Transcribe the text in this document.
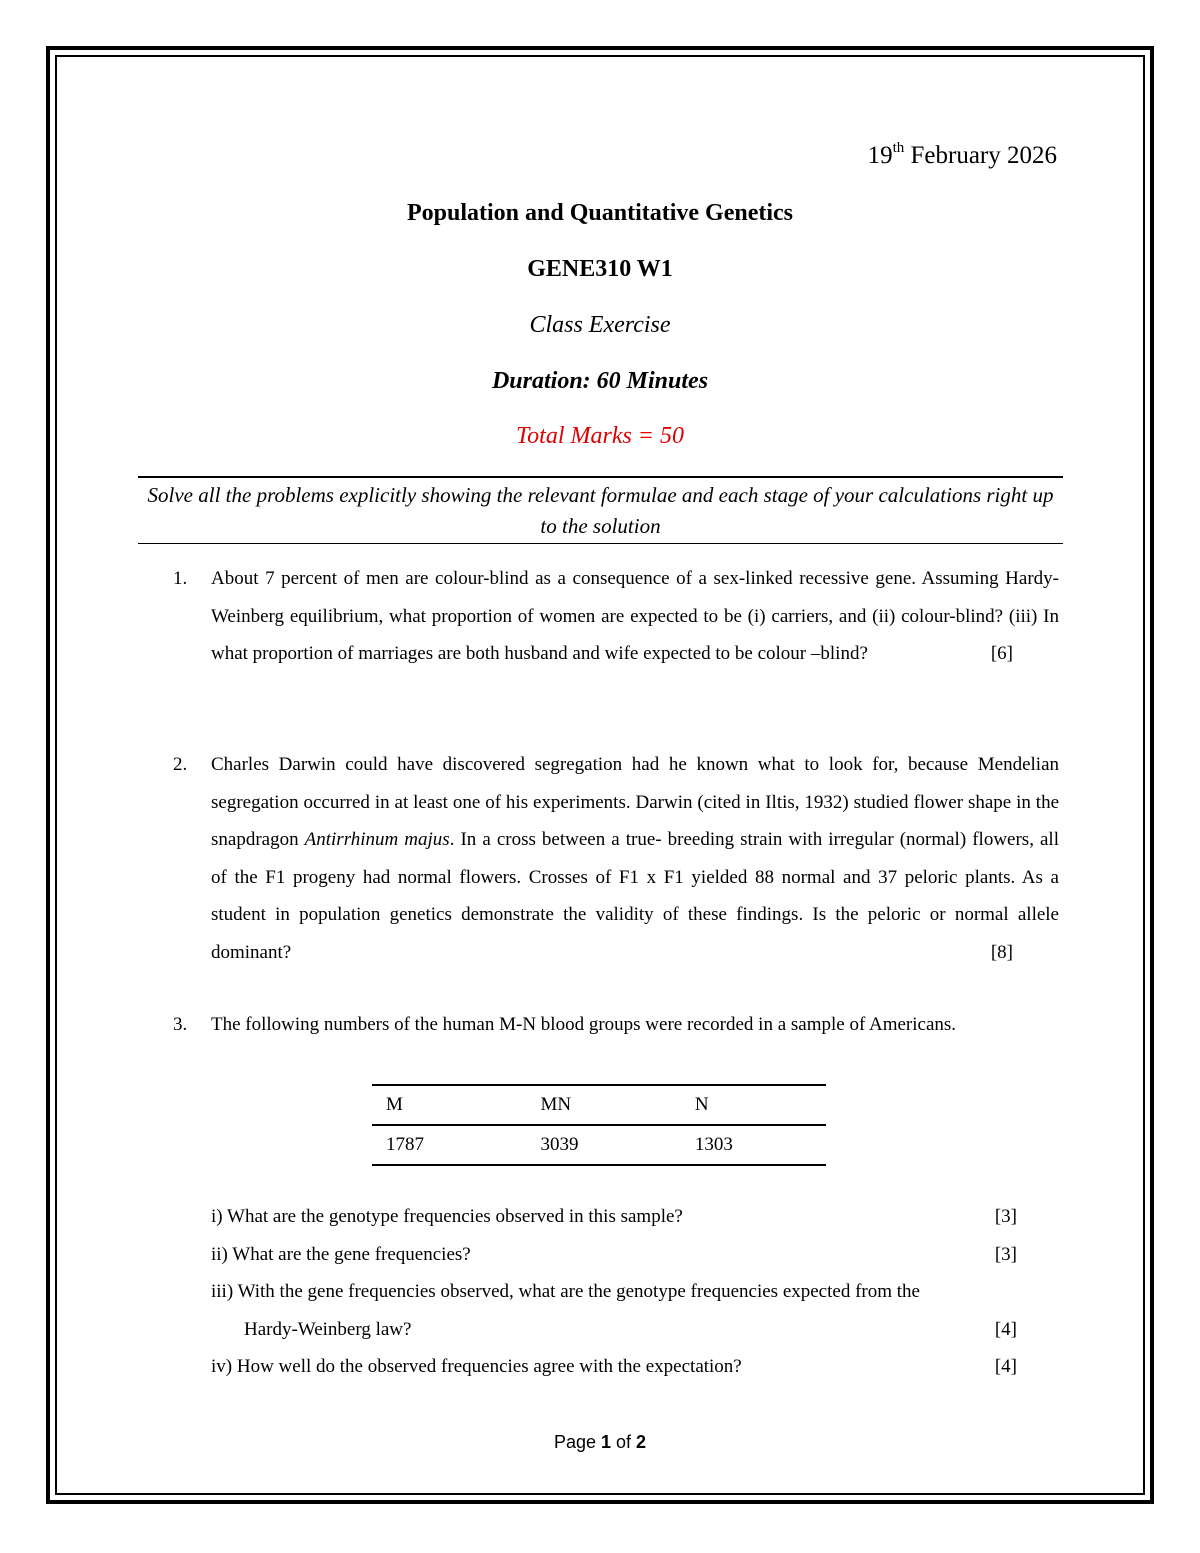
19th February 2026
Population and Quantitative Genetics
GENE310 W1
Class Exercise
Duration: 60 Minutes
Total Marks = 50
Solve all the problems explicitly showing the relevant formulae and each stage of your calculations right up to the solution
1. About 7 percent of men are colour-blind as a consequence of a sex-linked recessive gene. Assuming Hardy-Weinberg equilibrium, what proportion of women are expected to be (i) carriers, and (ii) colour-blind? (iii) In what proportion of marriages are both husband and wife expected to be colour –blind?	[6]
2. Charles Darwin could have discovered segregation had he known what to look for, because Mendelian segregation occurred in at least one of his experiments. Darwin (cited in Iltis, 1932) studied flower shape in the snapdragon Antirrhinum majus. In a cross between a true- breeding strain with irregular (normal) flowers, all of the F1 progeny had normal flowers. Crosses of F1 x F1 yielded 88 normal and 37 peloric plants. As a student in population genetics demonstrate the validity of these findings. Is the peloric or normal allele dominant?	[8]
3. The following numbers of the human M-N blood groups were recorded in a sample of Americans.
M	MN	N
1787	3039	1303
i) What are the genotype frequencies observed in this sample?	[3]
ii) What are the gene frequencies?	[3]
iii) With the gene frequencies observed, what are the genotype frequencies expected from the
Hardy-Weinberg law?	[4]
iv) How well do the observed frequencies agree with the expectation?	[4]
Page 1 of 2
